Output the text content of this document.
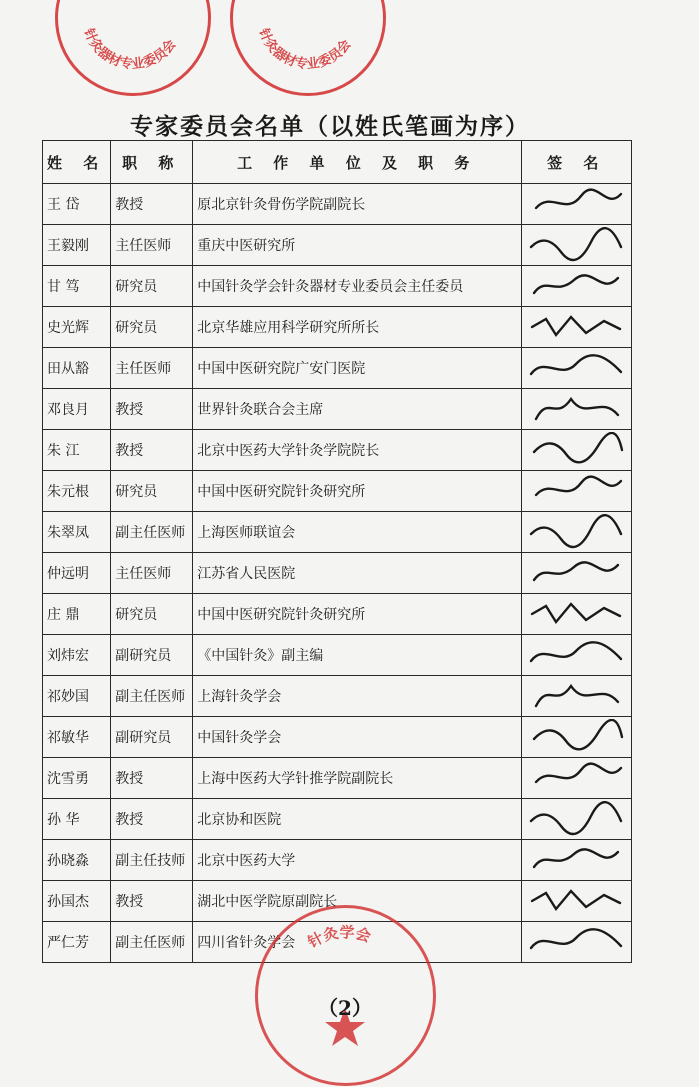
针灸器材专业委员会
针灸器材专业委员会
专家委员会名单（以姓氏笔画为序）
姓 名	职 称	工 作 单 位 及 职 务	签 名
王 岱	教授	原北京针灸骨伤学院副院长	

王毅刚	主任医师	重庆中医研究所	

甘 笃	研究员	中国针灸学会针灸器材专业委员会主任委员	

史光辉	研究员	北京华雄应用科学研究所所长	

田从豁	主任医师	中国中医研究院广安门医院	

邓良月	教授	世界针灸联合会主席	

朱 江	教授	北京中医药大学针灸学院院长	

朱元根	研究员	中国中医研究院针灸研究所	

朱翠凤	副主任医师	上海医师联谊会	

仲远明	主任医师	江苏省人民医院	

庄 鼎	研究员	中国中医研究院针灸研究所	

刘炜宏	副研究员	《中国针灸》副主编	

祁妙国	副主任医师	上海针灸学会	

祁敏华	副研究员	中国针灸学会	

沈雪勇	教授	上海中医药大学针推学院副院长	

孙 华	教授	北京协和医院	

孙晓淼	副主任技师	北京中医药大学	

孙国杰	教授	湖北中医学院原副院长	

严仁芳	副主任医师	四川省针灸学会	针灸学会
（2）
